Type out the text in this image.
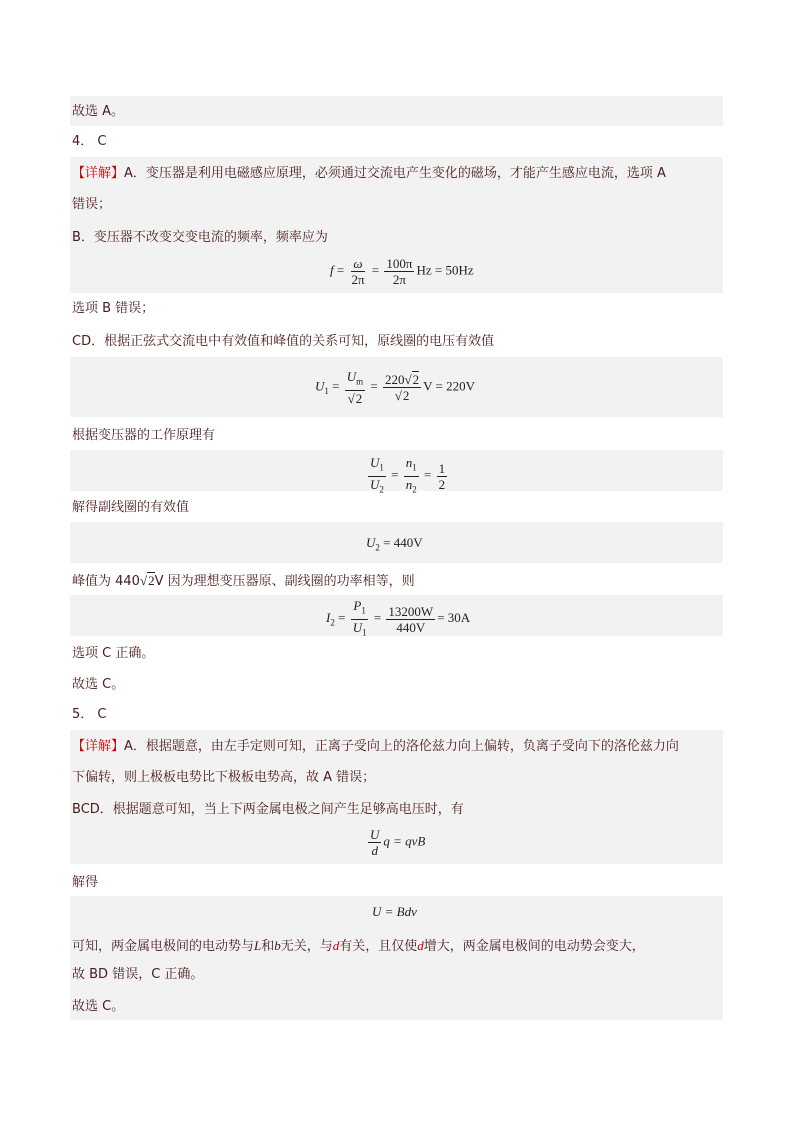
故选 A。
4． C
【详解】A．变压器是利用电磁感应原理，必须通过交流电产生变化的磁场，才能产生感应电流，选项 A
错误；
B．变压器不改变交变电流的频率，频率应为
$f = \frac{\omega}{2\pi} = \frac{100\pi}{2\pi}$ Hz = 50Hz
选项 B 错误；
CD．根据正弦式交流电中有效值和峰值的关系可知，原线圈的电压有效值
$U_1 = \frac{U_m}{√2} = \frac{220√2}{√2}$ V = 220V
根据变压器的工作原理有
$\frac{U_1}{U_2} = \frac{n_1}{n_2} = \frac{1}{2}$
解得副线圈的有效值
$U_2 = 440V$
峰值为 440√2V 因为理想变压器原、副线圈的功率相等，则
$I_2 = \frac{P_1}{U_1} = \frac{13200W}{440V} = 30A$
选项 C 正确。
故选 C。
5． C
【详解】A．根据题意，由左手定则可知，正离子受向上的洛伦兹力向上偏转，负离子受向下的洛伦兹力向
下偏转，则上极板电势比下极板电势高，故 A 错误；
BCD．根据题意可知，当上下两金属电极之间产生足够高电压时，有
$\frac{U}{d}$ q = qvB
解得
U = Bdv
可知，两金属电极间的电动势与L和b无关，与d有关，且仅使d增大，两金属电极间的电动势会变大，
故 BD 错误，C 正确。
故选 C。
